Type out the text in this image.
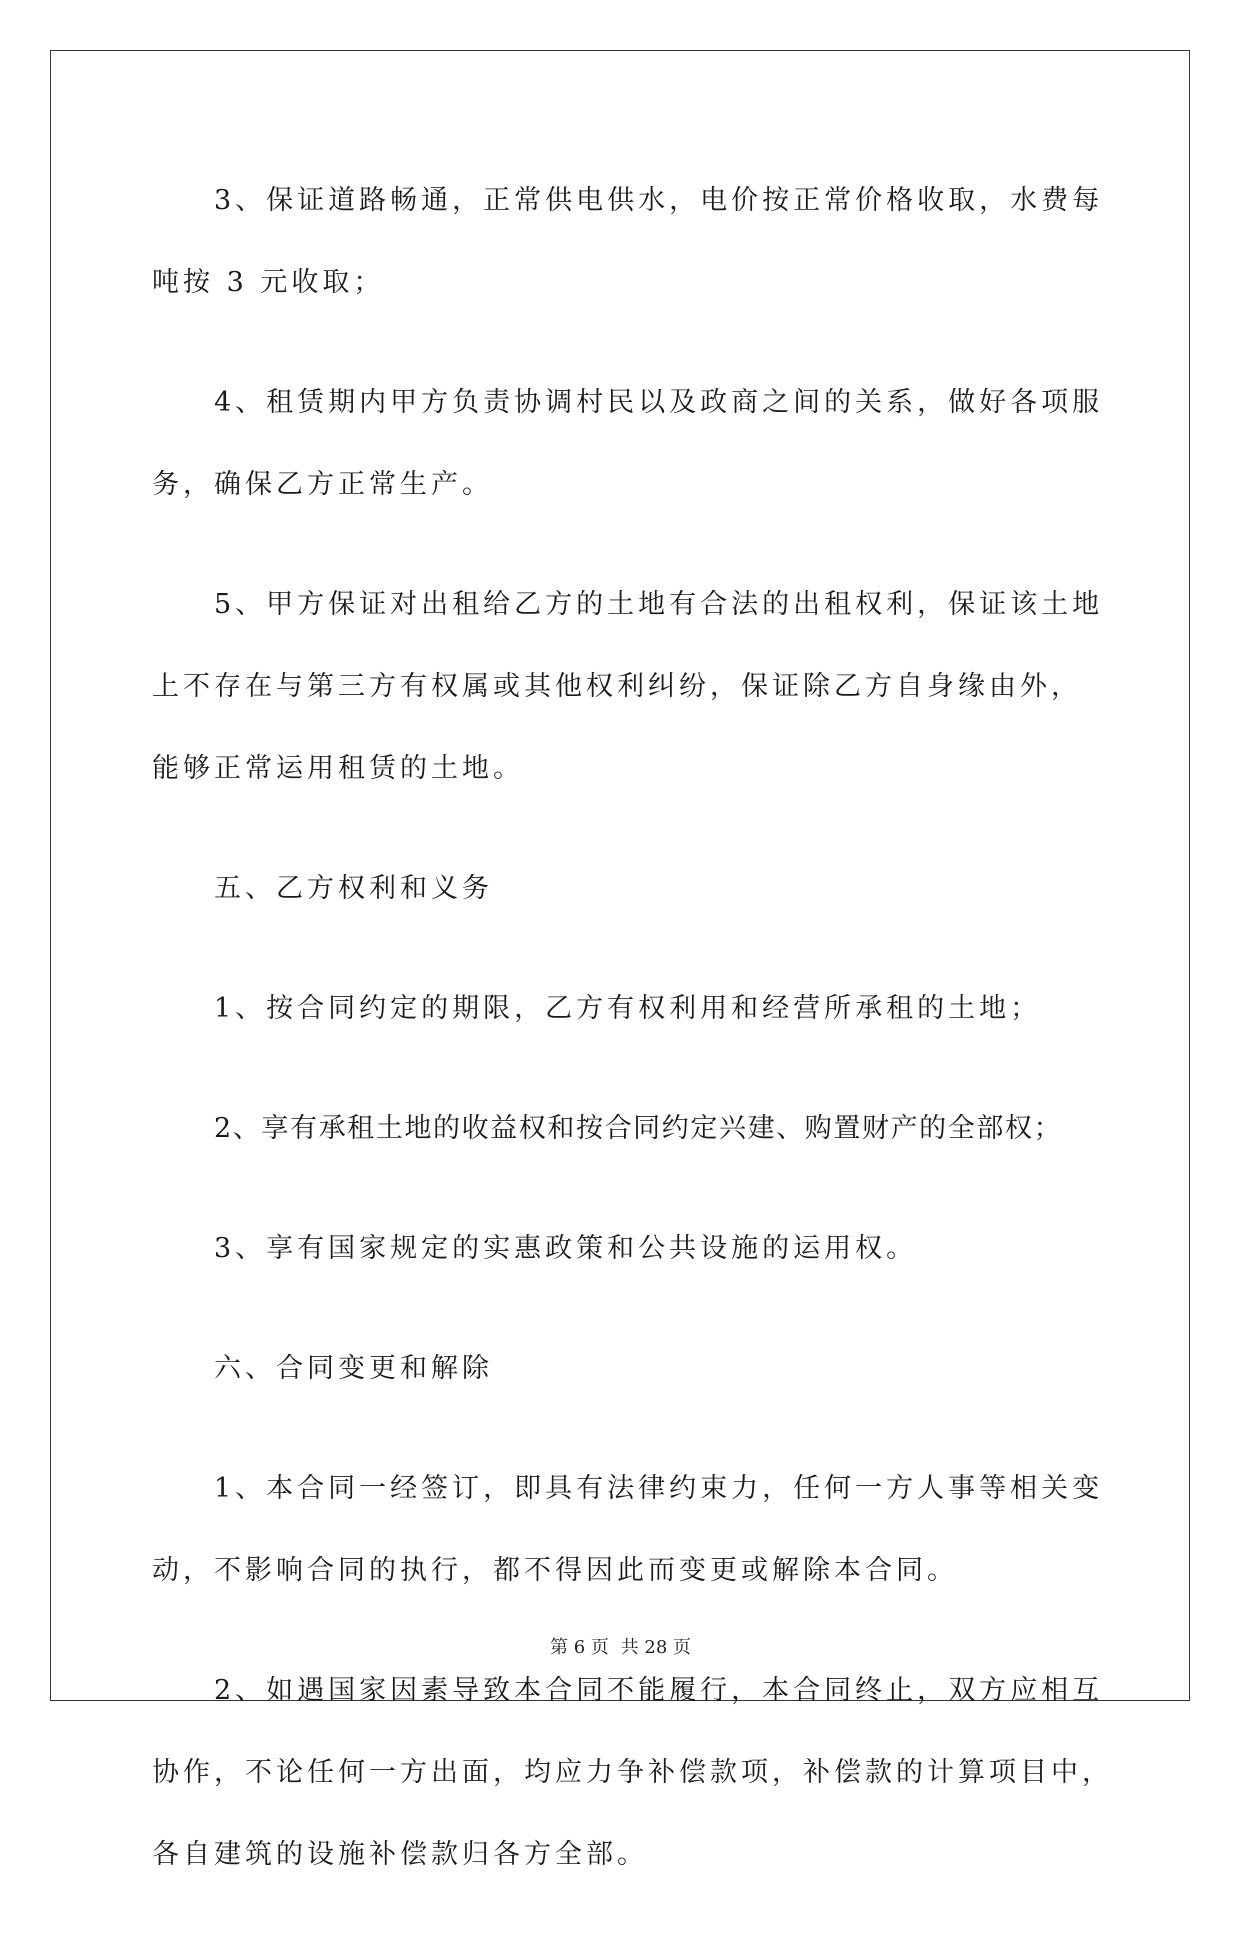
3、保证道路畅通，正常供电供水，电价按正常价格收取，水费每
吨按 3 元收取；

4、租赁期内甲方负责协调村民以及政商之间的关系，做好各项服
务，确保乙方正常生产。

5、甲方保证对出租给乙方的土地有合法的出租权利，保证该土地
上不存在与第三方有权属或其他权利纠纷，保证除乙方自身缘由外，
能够正常运用租赁的土地。

五、乙方权利和义务

1、按合同约定的期限，乙方有权利用和经营所承租的土地；

2、享有承租土地的收益权和按合同约定兴建、购置财产的全部权；

3、享有国家规定的实惠政策和公共设施的运用权。

六、合同变更和解除

1、本合同一经签订，即具有法律约束力，任何一方人事等相关变
动，不影响合同的执行，都不得因此而变更或解除本合同。

2、如遇国家因素导致本合同不能履行，本合同终止，双方应相互
协作，不论任何一方出面，均应力争补偿款项，补偿款的计算项目中，
各自建筑的设施补偿款归各方全部。

第 6 页 共 28 页
